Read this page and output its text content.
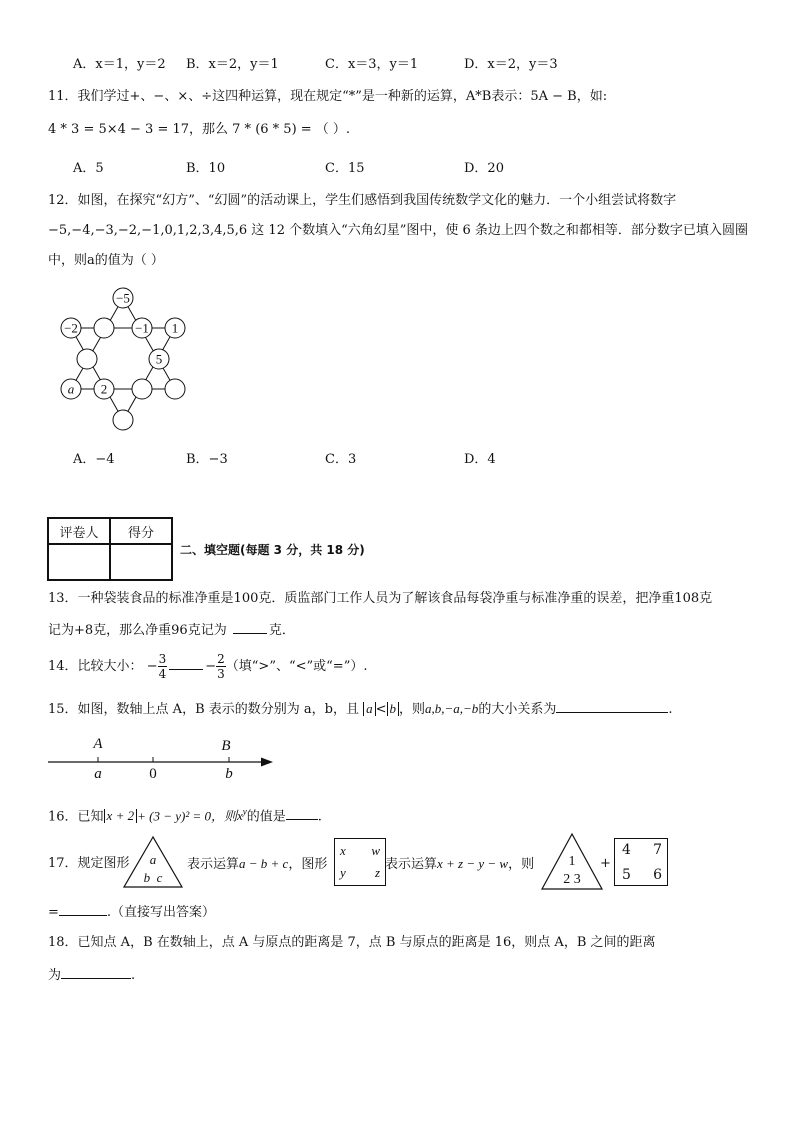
A．x＝1，y＝2 B．x＝2，y＝1	C．x＝3，y＝1	D．x＝2，y＝3
11．我们学过+、−、×、÷这四种运算，现在规定“*”是一种新的运算，A*B表示：5A − B，如:
4 * 3 = 5×4 − 3 = 17，那么 7 * (6 * 5) = （ ）.
A．5	B．10	C．15	D．20
12．如图，在探究“幻方”、“幻圆”的活动课上，学生们感悟到我国传统数学文化的魅力．一个小组尝试将数字
−5,−4,−3,−2,−1,0,1,2,3,4,5,6 这 12 个数填入“六角幻星”图中，使 6 条边上四个数之和都相等．部分数字已填入圆圈
中，则a的值为（ ）
−5
−2	−1 1
5
a 2
A．−4	B．−3	C．3	D．4
评卷人	得分

二、填空题(每题 3 分，共 18 分)
13．一种袋装食品的标准净重是100克．质监部门工作人员为了解该食品每袋净重与标准净重的误差，把净重108克
记为+8克，那么净重96克记为	克．
14．比较大小： − $\frac{3}{4}$	− $\frac{2}{3}$ （填“>”、“<”或“=”）.
15．如图，数轴上点 A，B 表示的数分别为 a，b，且 a < b ，则a,b,−a,−b的大小关系为	.
A	B
a	b
0
16．已知 x + 2 + (3 − y)² = 0，则$x^y$的值是 .
17．规定图形 a
b  c
表示运算a − b + c，图形
x w
y z
表示运算x + z − y − w，则 1
2 3
+
4 7
5 6
=	.（直接写出答案）
18．已知点 A，B 在数轴上，点 A 与原点的距离是 7，点 B 与原点的距离是 16，则点 A，B 之间的距离
为	.
